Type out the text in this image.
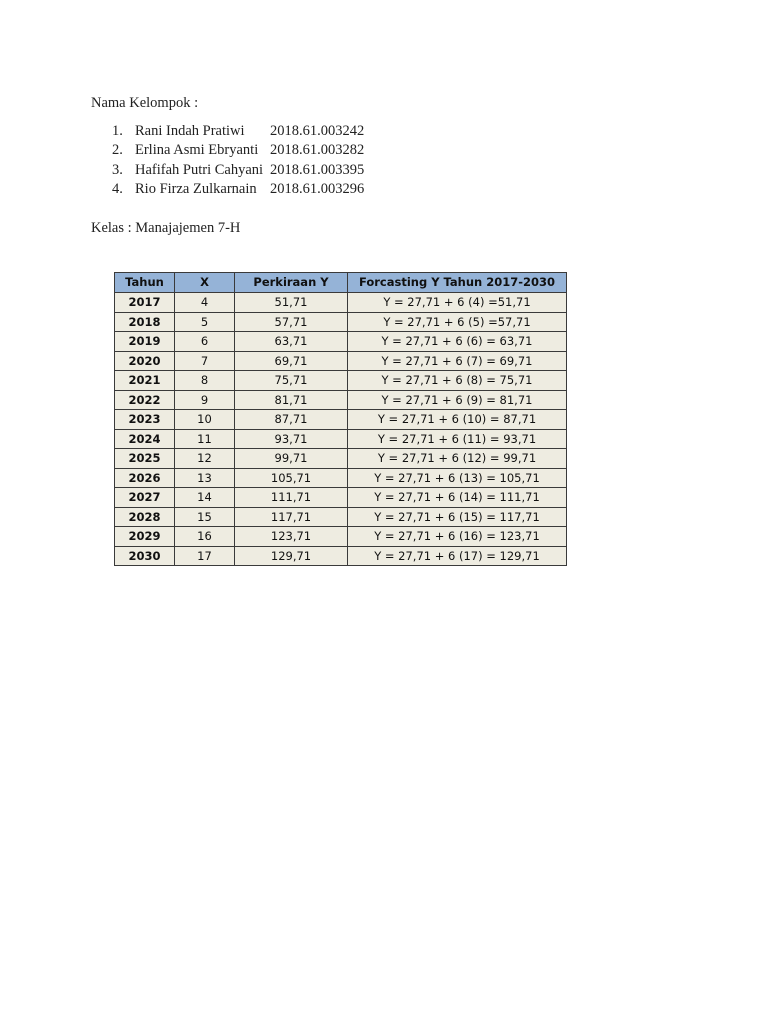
Nama Kelompok :
1. Rani Indah Pratiwi 2018.61.003242
2. Erlina Asmi Ebryanti 2018.61.003282
3. Hafifah Putri Cahyani 2018.61.003395
4. Rio Firza Zulkarnain 2018.61.003296
Kelas : Manajajemen 7-H
Tahun	X	Perkiraan Y	Forcasting Y Tahun 2017-2030
2017	4	51,71	Y = 27,71 + 6 (4) =51,71
2018	5	57,71	Y = 27,71 + 6 (5) =57,71
2019	6	63,71	Y = 27,71 + 6 (6) = 63,71
2020	7	69,71	Y = 27,71 + 6 (7) = 69,71
2021	8	75,71	Y = 27,71 + 6 (8) = 75,71
2022	9	81,71	Y = 27,71 + 6 (9) = 81,71
2023	10	87,71	Y = 27,71 + 6 (10) = 87,71
2024	11	93,71	Y = 27,71 + 6 (11) = 93,71
2025	12	99,71	Y = 27,71 + 6 (12) = 99,71
2026	13	105,71	Y = 27,71 + 6 (13) = 105,71
2027	14	111,71	Y = 27,71 + 6 (14) = 111,71
2028	15	117,71	Y = 27,71 + 6 (15) = 117,71
2029	16	123,71	Y = 27,71 + 6 (16) = 123,71
2030	17	129,71	Y = 27,71 + 6 (17) = 129,71
